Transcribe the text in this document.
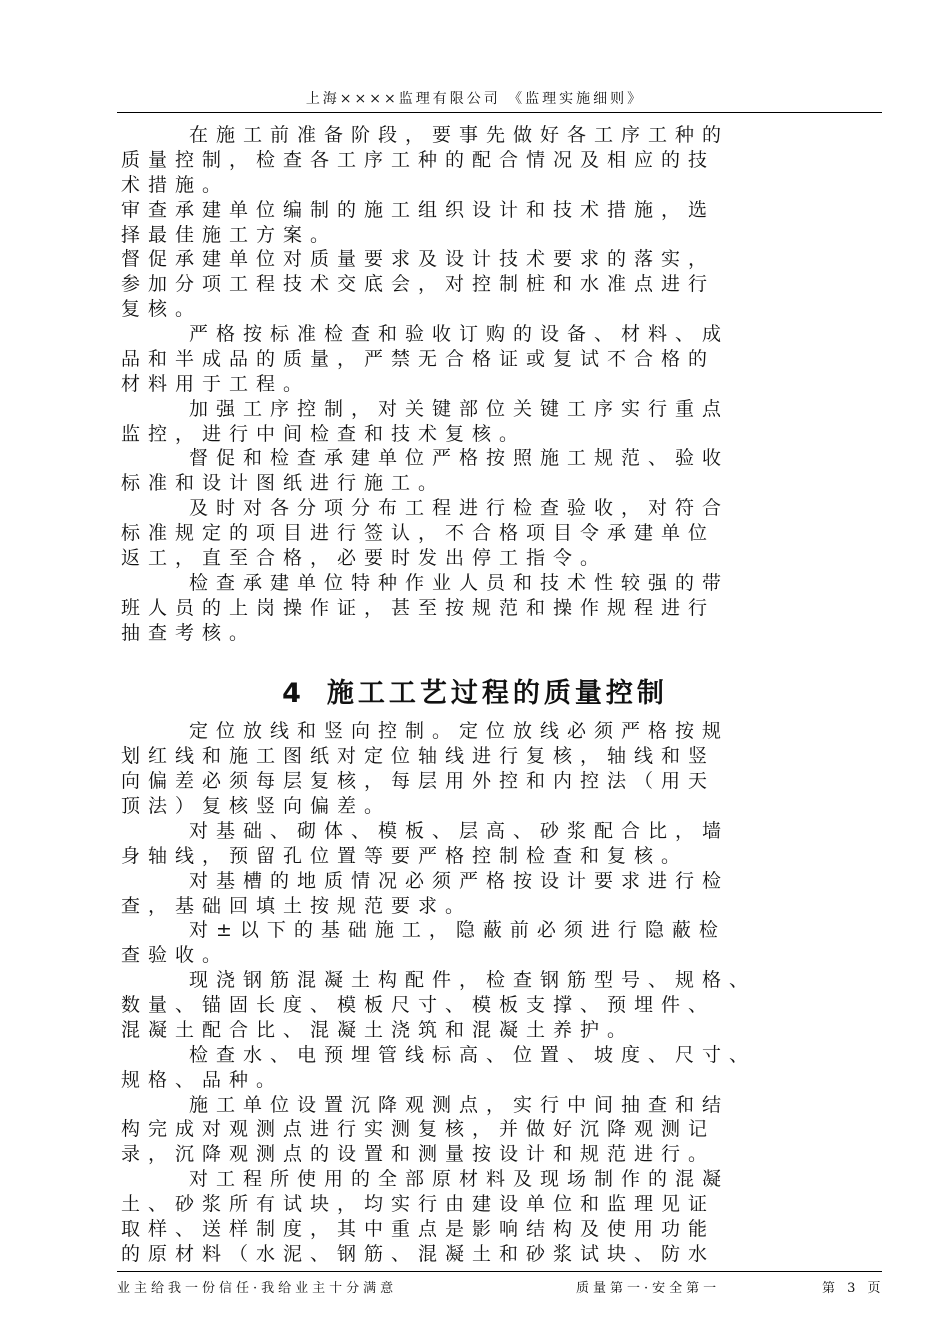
上海××××监理有限公司 《监理实施细则》
在施工前准备阶段，要事先做好各工序工种的
质量控制，检查各工序工种的配合情况及相应的技
术措施。
审查承建单位编制的施工组织设计和技术措施，选
择最佳施工方案。
督促承建单位对质量要求及设计技术要求的落实，
参加分项工程技术交底会，对控制桩和水准点进行
复核。
严格按标准检查和验收订购的设备、材料、成
品和半成品的质量，严禁无合格证或复试不合格的
材料用于工程。
加强工序控制，对关键部位关键工序实行重点
监控，进行中间检查和技术复核。
督促和检查承建单位严格按照施工规范、验收
标准和设计图纸进行施工。
及时对各分项分布工程进行检查验收，对符合
标准规定的项目进行签认，不合格项目令承建单位
返工，直至合格，必要时发出停工指令。
检查承建单位特种作业人员和技术性较强的带
班人员的上岗操作证，甚至按规范和操作规程进行
抽查考核。
4 施工工艺过程的质量控制
定位放线和竖向控制。定位放线必须严格按规
划红线和施工图纸对定位轴线进行复核，轴线和竖
向偏差必须每层复核，每层用外控和内控法（用天
顶法）复核竖向偏差。
对基础、砌体、模板、层高、砂浆配合比，墙
身轴线，预留孔位置等要严格控制检查和复核。
对基槽的地质情况必须严格按设计要求进行检
查，基础回填土按规范要求。
对±以下的基础施工，隐蔽前必须进行隐蔽检
查验收。
现浇钢筋混凝土构配件，检查钢筋型号、规格、
数量、锚固长度、模板尺寸、模板支撑、预埋件、
混凝土配合比、混凝土浇筑和混凝土养护。
检查水、电预埋管线标高、位置、坡度、尺寸、
规格、品种。
施工单位设置沉降观测点，实行中间抽查和结
构完成对观测点进行实测复核，并做好沉降观测记
录，沉降观测点的设置和测量按设计和规范进行。
对工程所使用的全部原材料及现场制作的混凝
土、砂浆所有试块，均实行由建设单位和监理见证
取样、送样制度，其中重点是影响结构及使用功能
的原材料（水泥、钢筋、混凝土和砂浆试块、防水
业主给我一份信任·我给业主十分满意	质量第一·安全第一	第 3 页
